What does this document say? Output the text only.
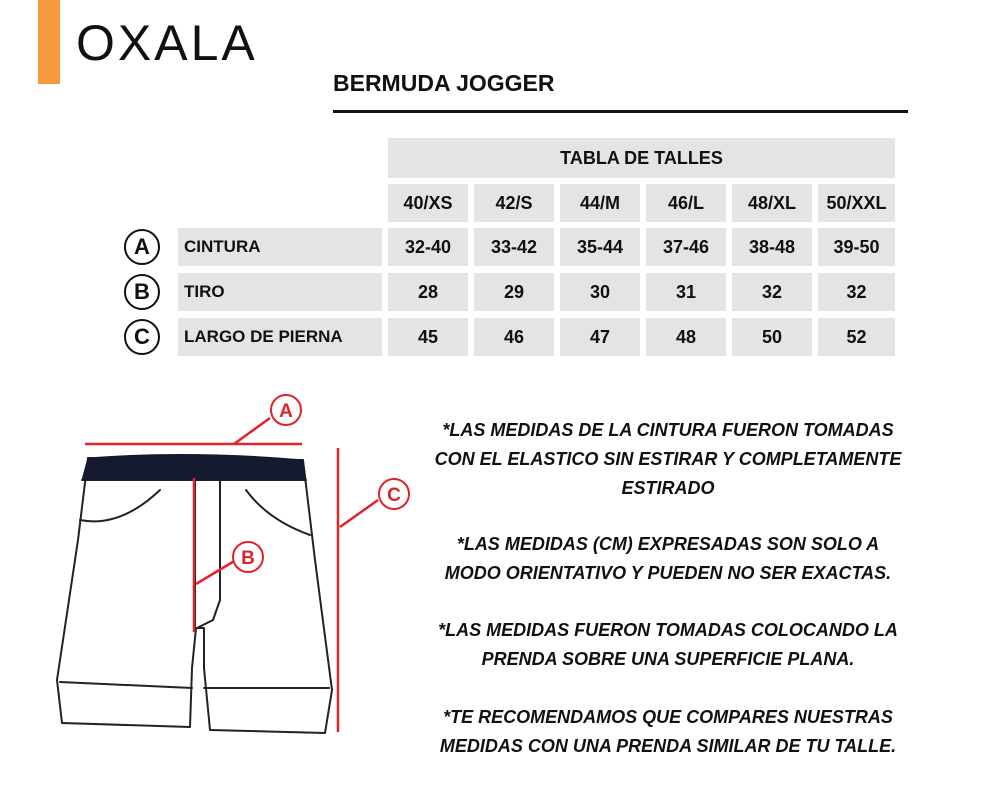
OXALA
BERMUDA JOGGER
TABLA DE TALLES
40/XS	42/S	44/M	46/L	48/XL	50/XXL
A	CINTURA	32-40	33-42	35-44	37-46	38-48	39-50
B	TIRO	28	29	30	31	32	32
C	LARGO DE PIERNA	45	46	47	48	50	52
A
B
C
*LAS MEDIDAS DE LA CINTURA FUERON TOMADAS
CON EL ELASTICO SIN ESTIRAR Y COMPLETAMENTE
ESTIRADO
*LAS MEDIDAS (CM) EXPRESADAS SON SOLO A
MODO ORIENTATIVO Y PUEDEN NO SER EXACTAS.
*LAS MEDIDAS FUERON TOMADAS COLOCANDO LA
PRENDA SOBRE UNA SUPERFICIE PLANA.
*TE RECOMENDAMOS QUE COMPARES NUESTRAS
MEDIDAS CON UNA PRENDA SIMILAR DE TU TALLE.
